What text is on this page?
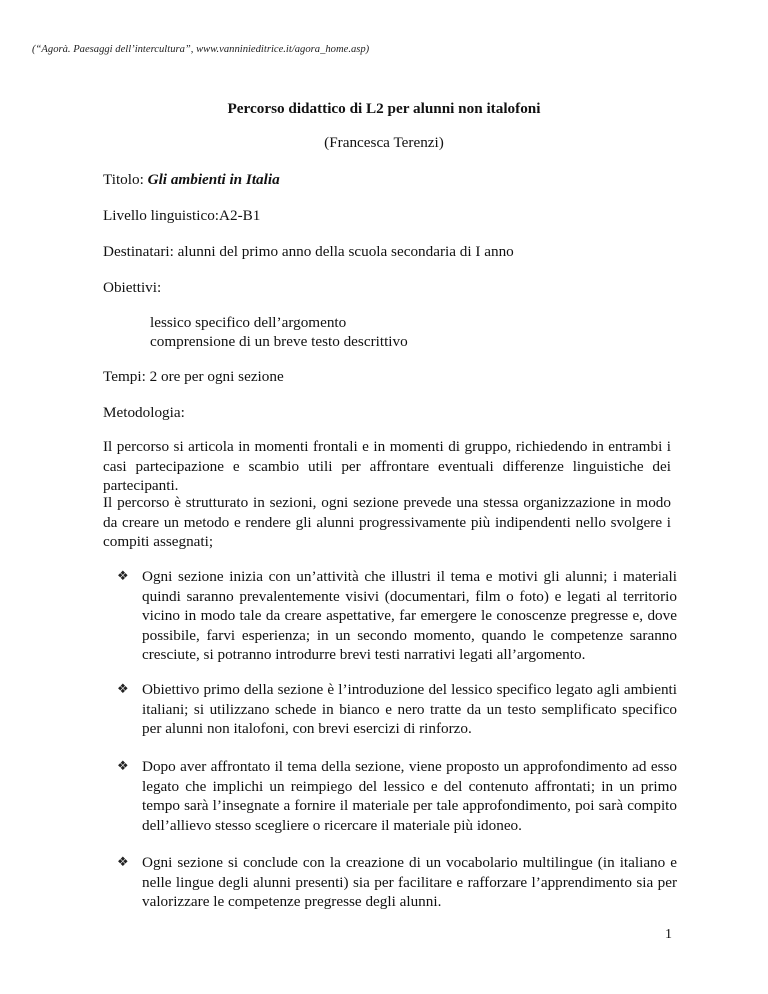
(“Agorà. Paesaggi dell’intercultura”, www.vanninieditrice.it/agora_home.asp)
Percorso didattico di L2 per alunni non italofoni
(Francesca Terenzi)
Titolo: Gli ambienti in Italia
Livello linguistico:A2-B1
Destinatari: alunni del primo anno della scuola secondaria di I anno
Obiettivi:
lessico specifico dell’argomento
comprensione di un breve testo descrittivo
Tempi: 2 ore per ogni sezione
Metodologia:
Il percorso si articola in momenti frontali e in momenti di gruppo, richiedendo in entrambi i casi partecipazione e scambio utili per affrontare eventuali differenze linguistiche dei partecipanti.
Il percorso è strutturato in sezioni, ogni sezione prevede una stessa organizzazione in modo da creare un metodo e rendere gli alunni progressivamente più indipendenti nello svolgere i compiti assegnati;
❖ Ogni sezione inizia con un’attività che illustri il tema e motivi gli alunni; i materiali quindi saranno prevalentemente visivi (documentari, film o foto) e legati al territorio vicino in modo tale da creare aspettative, far emergere le conoscenze pregresse e, dove possibile, farvi esperienza; in un secondo momento, quando le competenze saranno cresciute, si potranno introdurre brevi testi narrativi legati all’argomento.
❖ Obiettivo primo della sezione è l’introduzione del lessico specifico legato agli ambienti italiani; si utilizzano schede in bianco e nero tratte da un testo semplificato specifico per alunni non italofoni, con brevi esercizi di rinforzo.
❖ Dopo aver affrontato il tema della sezione, viene proposto un approfondimento ad esso legato che implichi un reimpiego del lessico e del contenuto affrontati; in un primo tempo sarà l’insegnate a fornire il materiale per tale approfondimento, poi sarà compito dell’allievo stesso scegliere o ricercare il materiale più idoneo.
❖ Ogni sezione si conclude con la creazione di un vocabolario multilingue (in italiano e nelle lingue degli alunni presenti) sia per facilitare e rafforzare l’apprendimento sia per valorizzare le competenze pregresse degli alunni.
1
